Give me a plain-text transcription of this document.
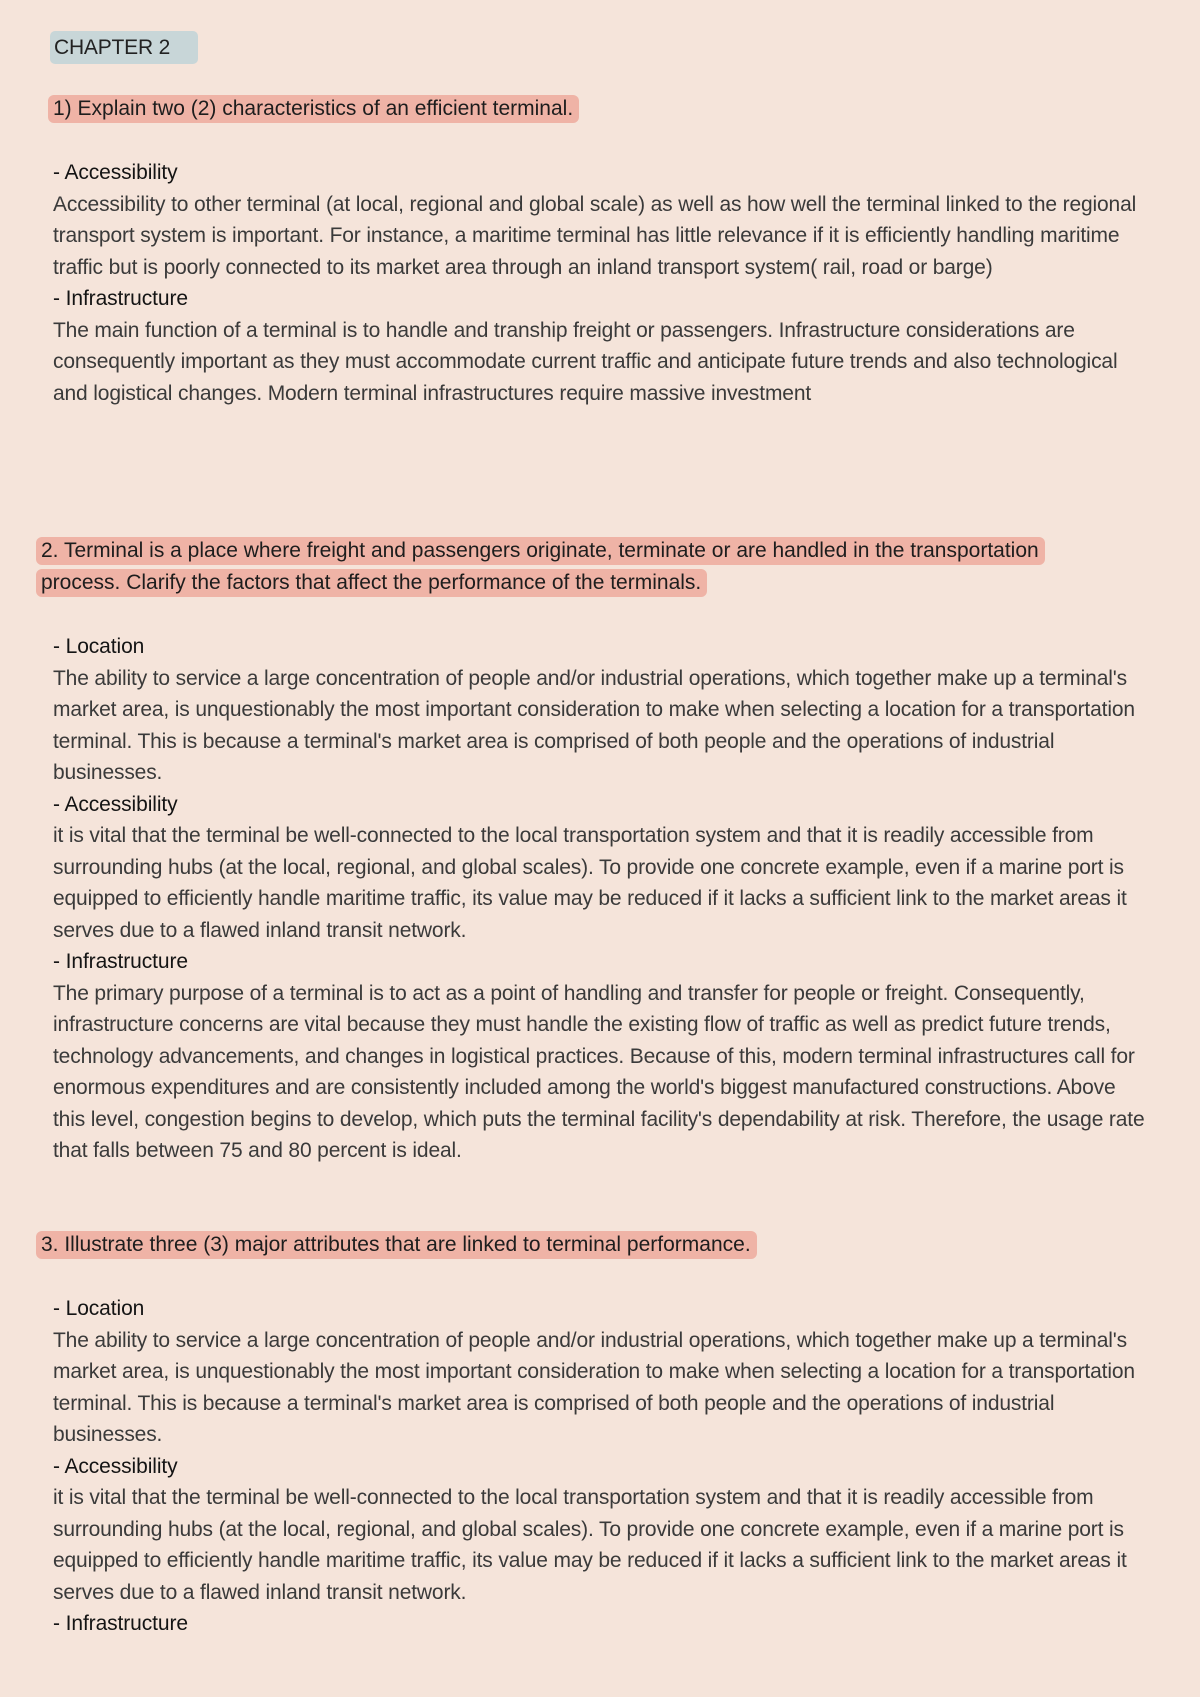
CHAPTER 2
1) Explain two (2) characteristics of an efficient terminal.
- Accessibility
Accessibility to other terminal (at local, regional and global scale) as well as how well the terminal linked to the regional transport system is important. For instance, a maritime terminal has little relevance if it is efficiently handling maritime traffic but is poorly connected to its market area through an inland transport system( rail, road or barge)
- Infrastructure
The main function of a terminal is to handle and tranship freight or passengers. Infrastructure considerations are consequently important as they must accommodate current traffic and anticipate future trends and also technological and logistical changes. Modern terminal infrastructures require massive investment
2. Terminal is a place where freight and passengers originate, terminate or are handled in the transportation process. Clarify the factors that affect the performance of the terminals.
- Location
The ability to service a large concentration of people and/or industrial operations, which together make up a terminal's market area, is unquestionably the most important consideration to make when selecting a location for a transportation terminal. This is because a terminal's market area is comprised of both people and the operations of industrial businesses.
- Accessibility
it is vital that the terminal be well-connected to the local transportation system and that it is readily accessible from surrounding hubs (at the local, regional, and global scales). To provide one concrete example, even if a marine port is equipped to efficiently handle maritime traffic, its value may be reduced if it lacks a sufficient link to the market areas it serves due to a flawed inland transit network.
- Infrastructure
The primary purpose of a terminal is to act as a point of handling and transfer for people or freight. Consequently, infrastructure concerns are vital because they must handle the existing flow of traffic as well as predict future trends, technology advancements, and changes in logistical practices. Because of this, modern terminal infrastructures call for enormous expenditures and are consistently included among the world's biggest manufactured constructions. Above this level, congestion begins to develop, which puts the terminal facility's dependability at risk. Therefore, the usage rate that falls between 75 and 80 percent is ideal.
3. Illustrate three (3) major attributes that are linked to terminal performance.
- Location
The ability to service a large concentration of people and/or industrial operations, which together make up a terminal's market area, is unquestionably the most important consideration to make when selecting a location for a transportation terminal. This is because a terminal's market area is comprised of both people and the operations of industrial businesses.
- Accessibility
it is vital that the terminal be well-connected to the local transportation system and that it is readily accessible from surrounding hubs (at the local, regional, and global scales). To provide one concrete example, even if a marine port is equipped to efficiently handle maritime traffic, its value may be reduced if it lacks a sufficient link to the market areas it serves due to a flawed inland transit network.
- Infrastructure
